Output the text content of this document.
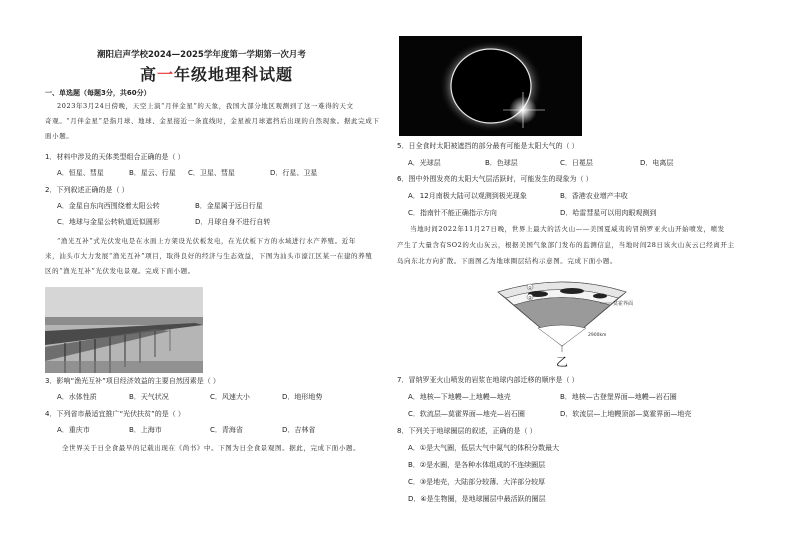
潮阳启声学校2024—2025学年度第一学期第一次月考
高一年级地理科试题
一、单选题（每题3分，共60分）
2023年3月24日傍晚，天空上演“月伴金星”的天象，我国大部分地区观测到了这一难得的天文
奇观。“月伴金星”是指月球、地球、金星接近一条直线时，金星被月球遮挡后出现的自然现象。据此完成下
面小题。
1．材料中涉及的天体类型组合正确的是（ ）
A．恒星、彗星	B．星云、行星 C．卫星、彗星	D．行星、卫星
2．下列叙述正确的是（ ）
A．金星自东向西围绕着太阳公转	B．金星属于远日行星
C．地球与金星公转轨道近似圆形	D．月球自身不进行自转
“渔光互补”式光伏发电是在水面上方架设光伏板发电，在光伏板下方的水域进行水产养殖。近年
来，汕头市大力发展“渔光互补”项目，取得良好的经济与生态效益，下图为汕头市濠江区某一在建的养殖
区的“渔光互补”光伏发电景观。完成下面小题。
3．影响“渔光互补”项目经济效益的主要自然因素是（ ）
A．水体性质	B．天气状况	C．风速大小	D．地形地势
4．下列省市最适宜推广“光伏扶贫”的是（ ）
A．重庆市	B．上海市	C．青海省	D．吉林省
全世界关于日全食最早的记载出现在《尚书》中。下图为日全食景观图。据此，完成下面小题。
5．日全食时太阳被遮挡的部分最有可能是太阳大气的（ ）
A．光球层	B．色球层	C．日冕层	D．电离层
6．图中外围发亮的太阳大气层活跃时，可能发生的现象为（ ）
A．12月南极大陆可以观测到极光现象	B．香港农业增产丰收
C．指南针不能正确指示方向	D．哈雷彗星可以用肉眼观测到
当地时间2022年11月27日晚，世界上最大的活火山——美国夏威夷的冒纳罗亚火山开始喷发，喷发
产生了大量含有SO2的火山灰云，根据美国气象部门发布的监测信息，当地时间28日该火山灰云已经离开主
岛向东北方向扩散。下面图乙为地球圈层结构示意图。完成下面小题。
①
②
莫霍界面
2900km
乙
7．冒纳罗亚火山喷发的岩浆在地球内部迁移的顺序是（ ）
A．地核—下地幔—上地幔—地壳	B．地核—古登堡界面—地幔—岩石圈
C．软流层—莫霍界面—地壳—岩石圈	D．软流层—上地幔顶部—莫霍界面—地壳
8．下列关于地球圈层的叙述，正确的是（ ）
A．①是大气圈，低层大气中氮气的体积分数最大
B．②是水圈，是各种水体组成的不连续圈层
C．③是地壳，大陆部分较薄、大洋部分较厚
D．④是生物圈，是地球圈层中最活跃的圈层
